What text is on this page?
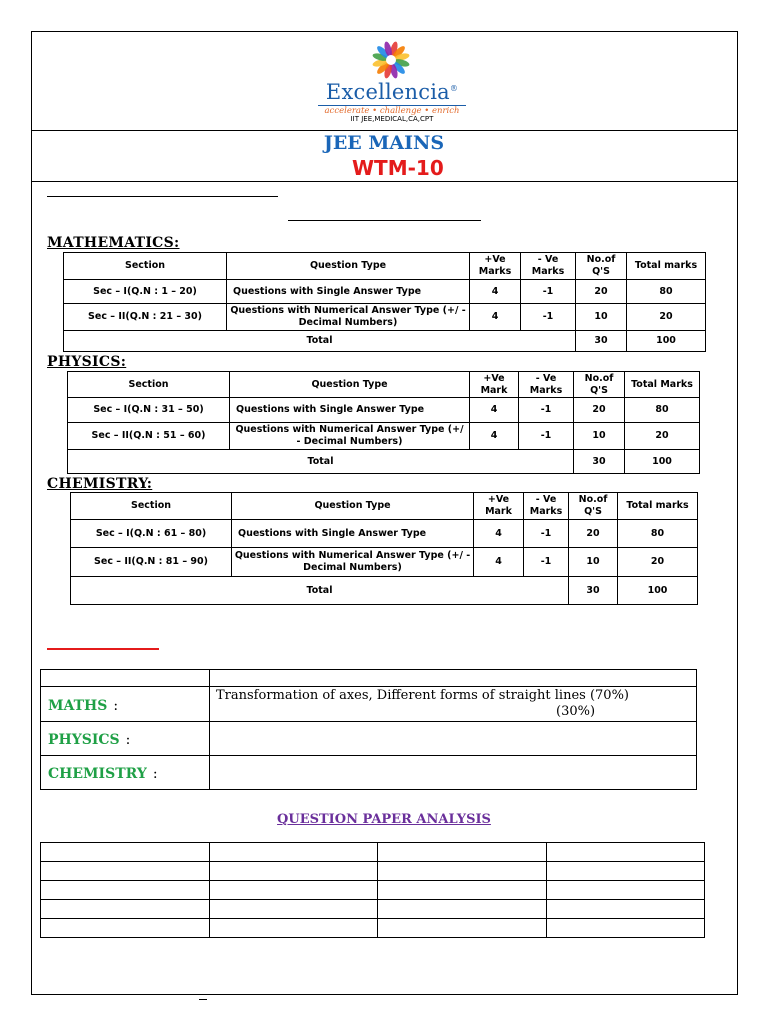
Excellencia®
accelerate • challenge • enrich
IIT JEE,MEDICAL,CA,CPT
JEE MAINS
WTM-10
MATHEMATICS:
Section	Question Type	+Ve Marks	- Ve Marks	No.of Q'S	Total marks
Sec – I(Q.N : 1 – 20)	Questions with Single Answer Type	4	-1	20	80
Sec – II(Q.N : 21 – 30)	Questions with Numerical Answer Type (+/ - Decimal Numbers)	4	-1	10	20
Total				30	100
PHYSICS:
Section	Question Type	+Ve Mark	- Ve Marks	No.of Q'S	Total Marks
Sec – I(Q.N : 31 – 50)	Questions with Single Answer Type	4	-1	20	80
Sec – II(Q.N : 51 – 60)	Questions with Numerical Answer Type (+/ - Decimal Numbers)	4	-1	10	20
Total				30	100
CHEMISTRY:
Section	Question Type	+Ve Mark	- Ve Marks	No.of Q'S	Total marks
Sec – I(Q.N : 61 – 80)	Questions with Single Answer Type	4	-1	20	80
Sec – II(Q.N : 81 – 90)	Questions with Numerical Answer Type (+/ - Decimal Numbers)	4	-1	10	20
Total				30	100

MATHS :	Transformation of axes, Different forms of straight lines (70%)
(30%)

PHYSICS :	
CHEMISTRY :	
QUESTION PAPER ANALYSIS
